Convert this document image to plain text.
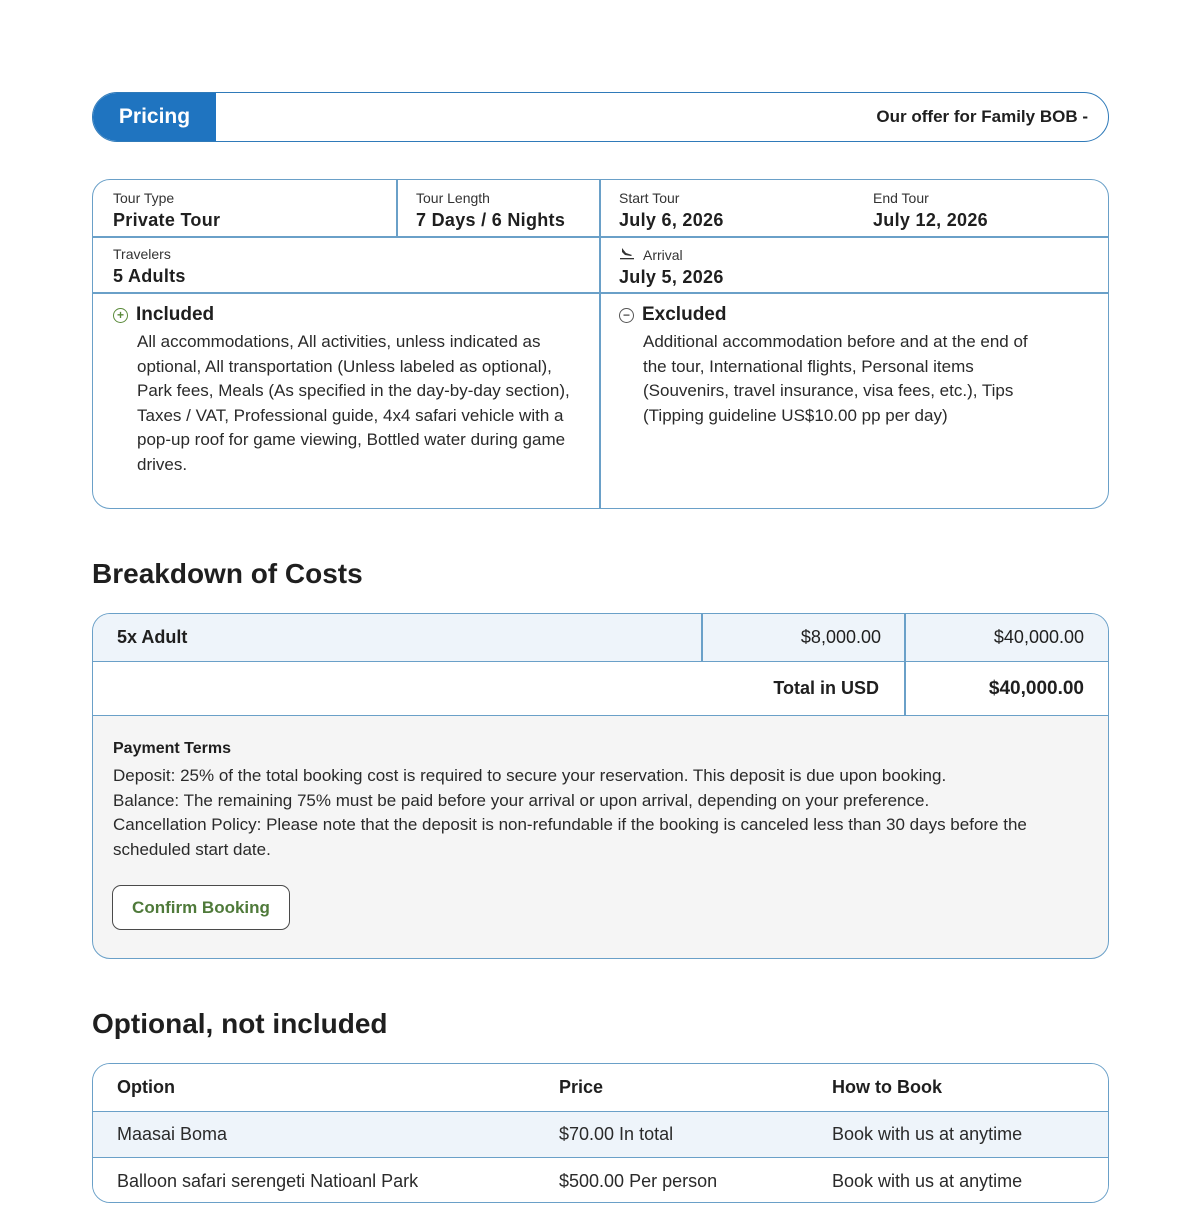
Pricing	Our offer for Family BOB -
Tour Type
Private Tour
Tour Length
7 Days / 6 Nights
Start Tour
July 6, 2026
End Tour
July 12, 2026
Travelers
5 Adults
Arrival
July 5, 2026
+ Included
All accommodations, All activities, unless indicated as optional, All transportation (Unless labeled as optional), Park fees, Meals (As specified in the day-by-day section), Taxes / VAT, Professional guide, 4x4 safari vehicle with a pop-up roof for game viewing, Bottled water during game drives.
− Excluded
Additional accommodation before and at the end of the tour, International flights, Personal items (Souvenirs, travel insurance, visa fees, etc.), Tips (Tipping guideline US$10.00 pp per day)
Breakdown of Costs
5x Adult	$8,000.00	$40,000.00
Total in USD	$40,000.00
Payment Terms
Deposit: 25% of the total booking cost is required to secure your reservation. This deposit is due upon booking.
Balance: The remaining 75% must be paid before your arrival or upon arrival, depending on your preference.
Cancellation Policy: Please note that the deposit is non-refundable if the booking is canceled less than 30 days before the scheduled start date.
Confirm Booking
Optional, not included
Option	Price	How to Book
Maasai Boma	$70.00 In total	Book with us at anytime
Balloon safari serengeti Natioanl Park	$500.00 Per person	Book with us at anytime
